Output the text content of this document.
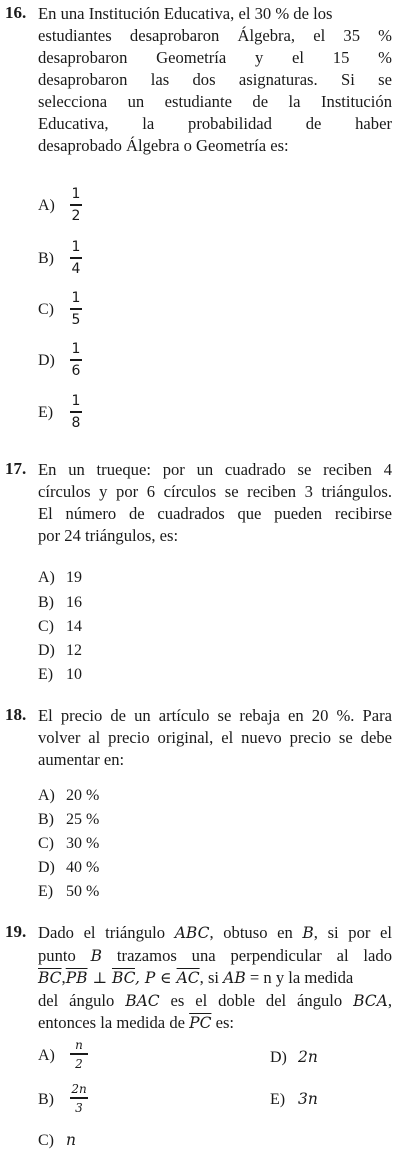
16. En una Institución Educativa, el 30 % de los
estudiantes desaprobaron Álgebra, el 35 %
desaprobaron Geometría y el 15 %
desaprobaron las dos asignaturas. Si se
selecciona un estudiante de la Institución
Educativa, la probabilidad de haber
desaprobado Álgebra o Geometría es:
A)
1
2
B)
1
4
C)
1
5
D)
1
6
E)
1
8
17. En un trueque: por un cuadrado se reciben 4
círculos y por 6 círculos se reciben 3 triángulos.
El número de cuadrados que pueden recibirse
por 24 triángulos, es:
A) 19
B) 16
C) 14
D) 12
E) 10
18. El precio de un artículo se rebaja en 20 %. Para
volver al precio original, el nuevo precio se debe
aumentar en:
A) 20 %
B) 25 %
C) 30 %
D) 40 %
E) 50 %
19. Dado el triángulo ABC, obtuso en B, si por el
punto B trazamos una perpendicular al lado
$\overline{BC},\overline{PB}$ ⊥ $\overline{BC}$, P ∈ $\overline{AC}$, si AB = n y la medida
del ángulo BAC es el doble del ángulo BCA,
entonces la medida de $\overline{PC}$ es:
A)
n
2
B)
2n
3
C) n
D) 2n
E) 3n
